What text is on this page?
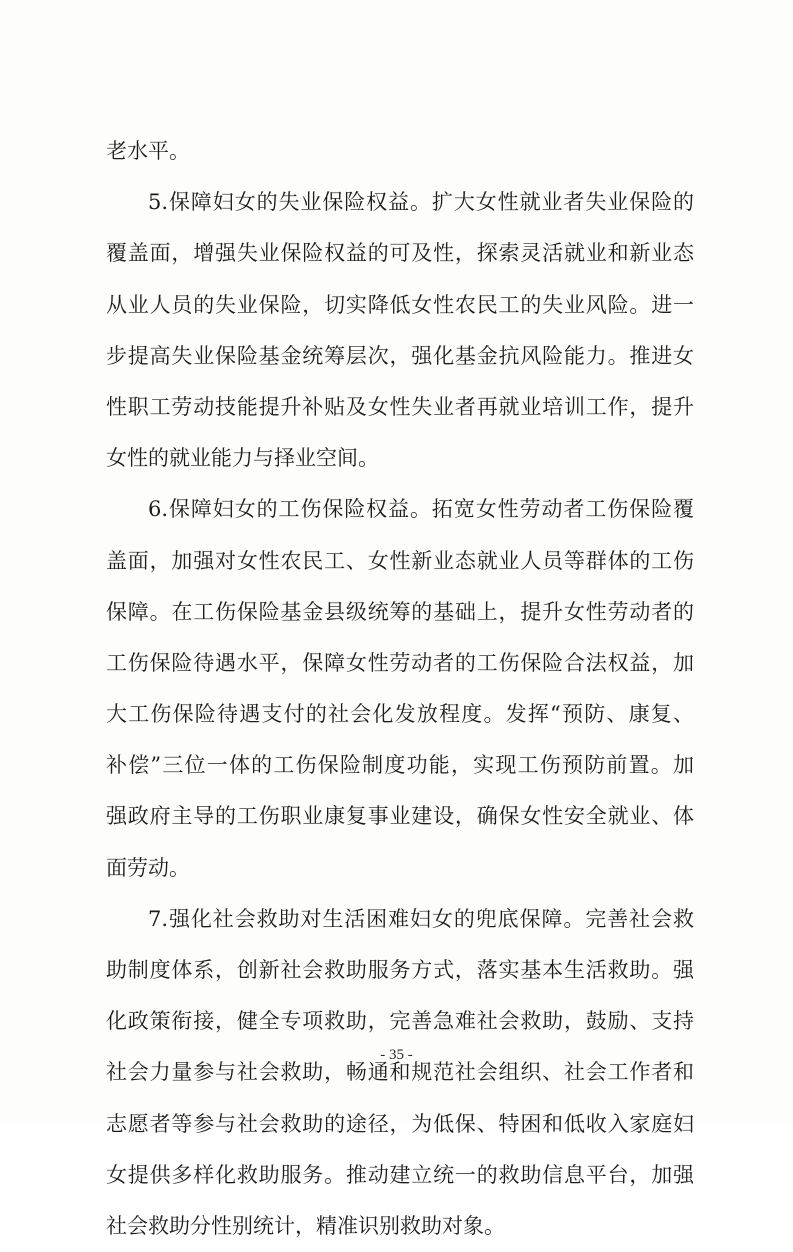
老水平。
5.保障妇女的失业保险权益。扩大女性就业者失业保险的
覆盖面，增强失业保险权益的可及性，探索灵活就业和新业态
从业人员的失业保险，切实降低女性农民工的失业风险。进一
步提高失业保险基金统筹层次，强化基金抗风险能力。推进女
性职工劳动技能提升补贴及女性失业者再就业培训工作，提升
女性的就业能力与择业空间。
6.保障妇女的工伤保险权益。拓宽女性劳动者工伤保险覆
盖面，加强对女性农民工、女性新业态就业人员等群体的工伤
保障。在工伤保险基金县级统筹的基础上，提升女性劳动者的
工伤保险待遇水平，保障女性劳动者的工伤保险合法权益，加
大工伤保险待遇支付的社会化发放程度。发挥“预防、康复、
补偿”三位一体的工伤保险制度功能，实现工伤预防前置。加
强政府主导的工伤职业康复事业建设，确保女性安全就业、体
面劳动。
7.强化社会救助对生活困难妇女的兜底保障。完善社会救
助制度体系，创新社会救助服务方式，落实基本生活救助。强
化政策衔接，健全专项救助，完善急难社会救助，鼓励、支持
社会力量参与社会救助，畅通和规范社会组织、社会工作者和
志愿者等参与社会救助的途径，为低保、特困和低收入家庭妇
女提供多样化救助服务。推动建立统一的救助信息平台，加强
社会救助分性别统计，精准识别救助对象。
- 35 -
